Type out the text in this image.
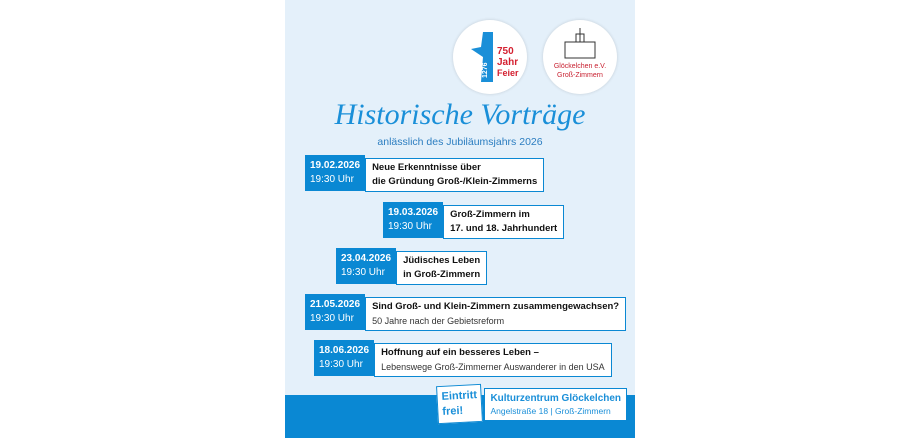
1276
750
Jahr
Feier
Glöckelchen e.V.
Groß-Zimmern
Historische Vorträge
anlässlich des Jubiläumsjahrs 2026
19.02.2026
19:30 Uhr
Neue Erkenntnisse über
die Gründung Groß-/Klein-Zimmerns
19.03.2026
19:30 Uhr
Groß-Zimmern im
17. und 18. Jahrhundert
23.04.2026
19:30 Uhr
Jüdisches Leben
in Groß-Zimmern
21.05.2026
19:30 Uhr
Sind Groß- und Klein-Zimmern zusammengewachsen?
50 Jahre nach der Gebietsreform
18.06.2026
19:30 Uhr
Hoffnung auf ein besseres Leben –
Lebenswege Groß-Zimmerner Auswanderer in den USA
Eintritt
frei!
Kulturzentrum Glöckelchen
Angelstraße 18 | Groß-Zimmern
